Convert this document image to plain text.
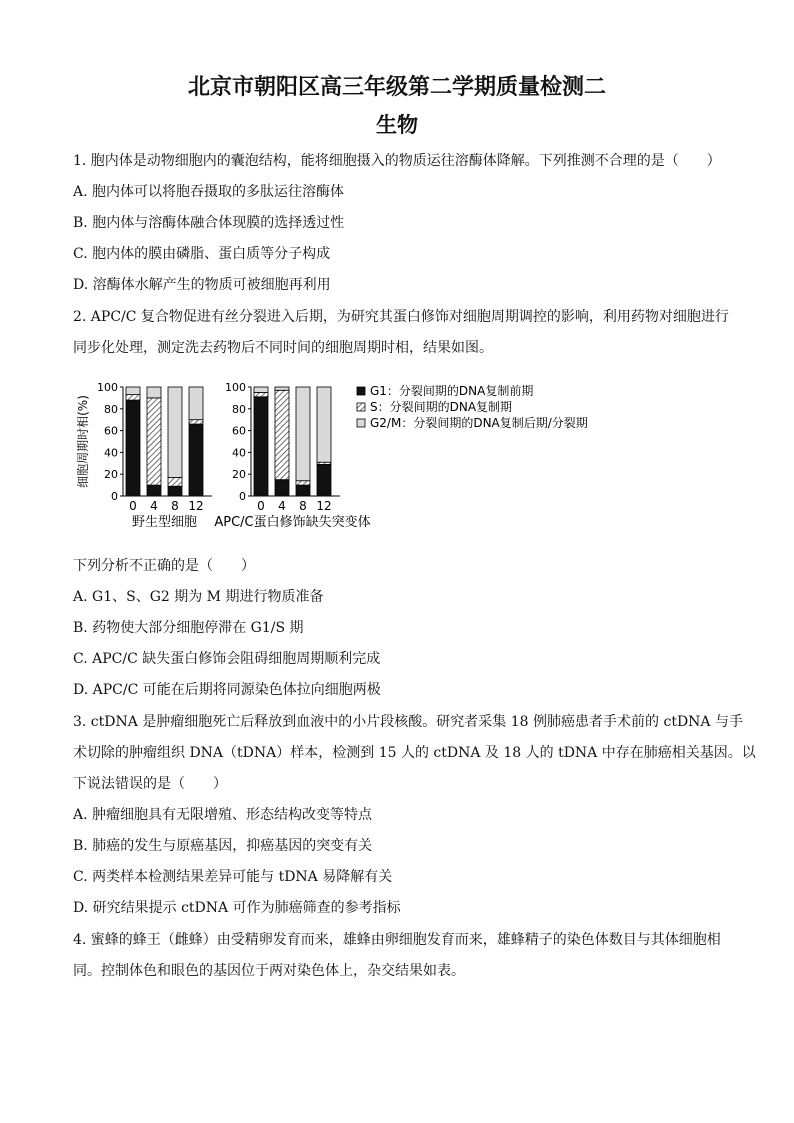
北京市朝阳区高三年级第二学期质量检测二
生物
1. 胞内体是动物细胞内的囊泡结构，能将细胞摄入的物质运往溶酶体降解。下列推测不合理的是（　　）
A. 胞内体可以将胞吞摄取的多肽运往溶酶体
B. 胞内体与溶酶体融合体现膜的选择透过性
C. 胞内体的膜由磷脂、蛋白质等分子构成
D. 溶酶体水解产生的物质可被细胞再利用
2. APC/C 复合物促进有丝分裂进入后期，为研究其蛋白修饰对细胞周期调控的影响，利用药物对细胞进行
同步化处理，测定洗去药物后不同时间的细胞周期时相，结果如图。
细胞周期时相(%)
100
80
60
40
20
0
0 4 8 12
野生型细胞
100
80
60
40
20
0
0 4 8 12
APC/C蛋白修饰缺失突变体
G1：分裂间期的DNA复制前期
S：分裂间期的DNA复制期
G2/M：分裂间期的DNA复制后期/分裂期
下列分析不正确的是（　　）
A. G1、S、G2 期为 M 期进行物质准备
B. 药物使大部分细胞停滞在 G1/S 期
C. APC/C 缺失蛋白修饰会阻碍细胞周期顺利完成
D. APC/C 可能在后期将同源染色体拉向细胞两极
3. ctDNA 是肿瘤细胞死亡后释放到血液中的小片段核酸。研究者采集 18 例肺癌患者手术前的 ctDNA 与手
术切除的肿瘤组织 DNA（tDNA）样本，检测到 15 人的 ctDNA 及 18 人的 tDNA 中存在肺癌相关基因。以
下说法错误的是（　　）
A. 肿瘤细胞具有无限增殖、形态结构改变等特点
B. 肺癌的发生与原癌基因，抑癌基因的突变有关
C. 两类样本检测结果差异可能与 tDNA 易降解有关
D. 研究结果提示 ctDNA 可作为肺癌筛查的参考指标
4. 蜜蜂的蜂王（雌蜂）由受精卵发育而来，雄蜂由卵细胞发育而来，雄蜂精子的染色体数目与其体细胞相
同。控制体色和眼色的基因位于两对染色体上，杂交结果如表。
